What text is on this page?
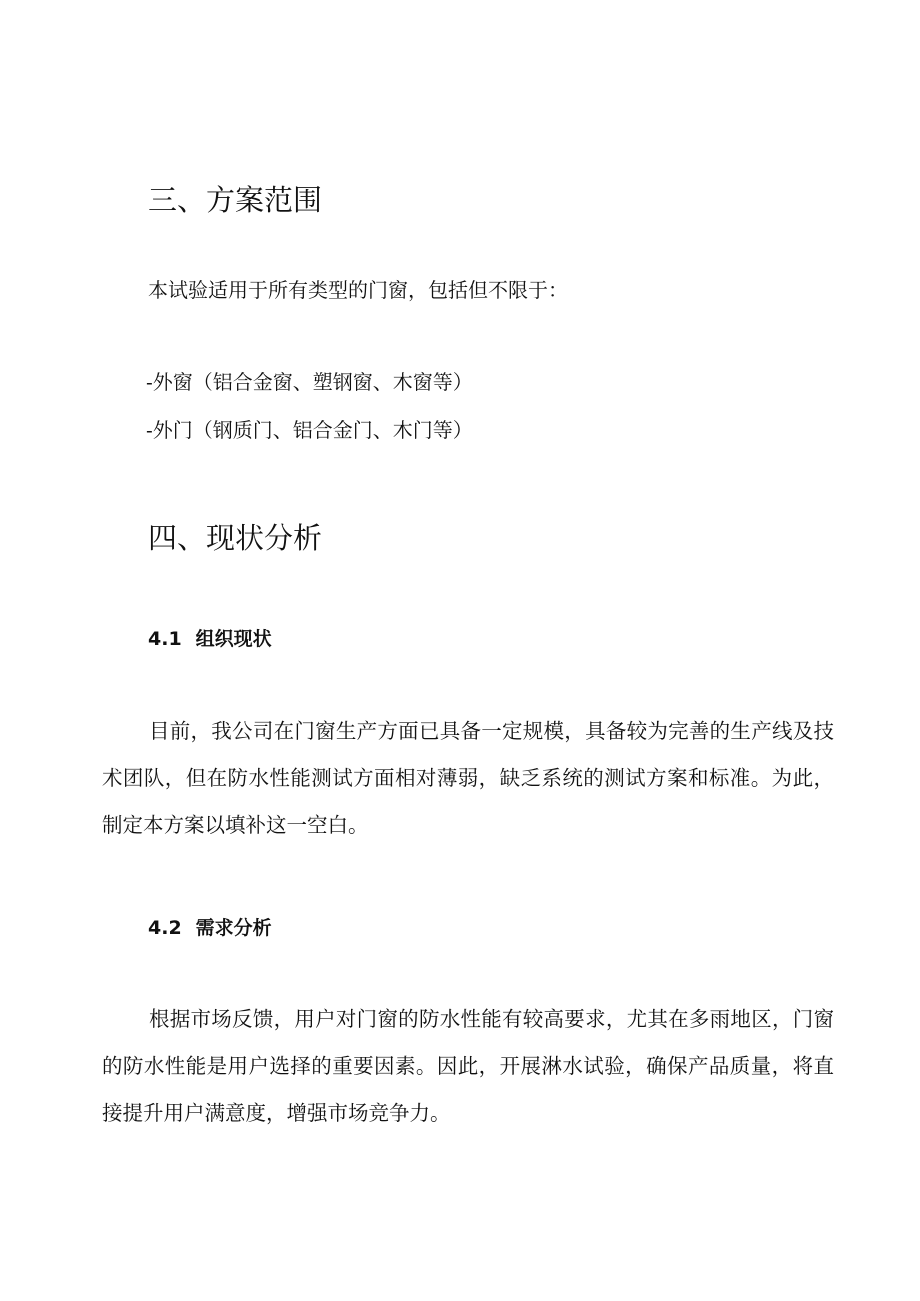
三、方案范围
本试验适用于所有类型的门窗，包括但不限于：
-外窗（铝合金窗、塑钢窗、木窗等）
-外门（钢质门、铝合金门、木门等）
四、现状分析
4.1 组织现状

目前，我公司在门窗生产方面已具备一定规模，具备较为完善的生产线及技术团队，但在防水性能测试方面相对薄弱，缺乏系统的测试方案和标准。为此，制定本方案以填补这一空白。

4.2 需求分析

根据市场反馈，用户对门窗的防水性能有较高要求，尤其在多雨地区，门窗的防水性能是用户选择的重要因素。因此，开展淋水试验，确保产品质量，将直接提升用户满意度，增强市场竞争力。
